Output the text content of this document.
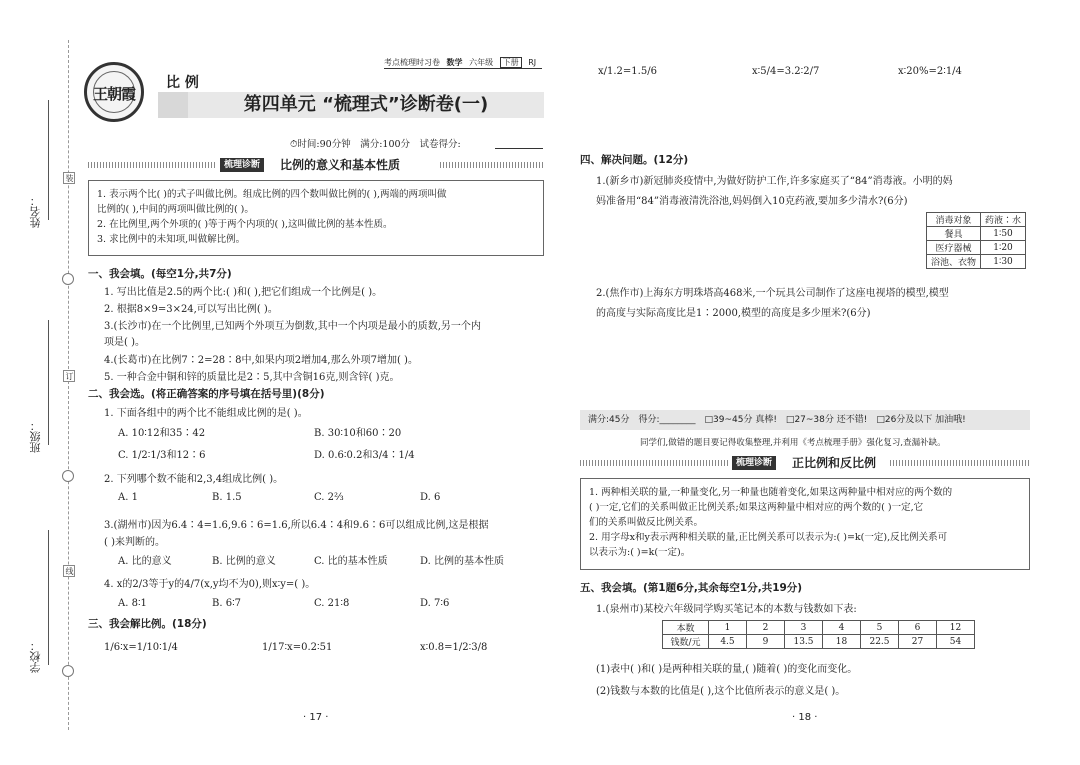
姓名：
班级：
学校：
装
订
线
王朝霞
考点梳理时习卷 数学 六年级 下册 RJ
比 例
第四单元 “梳理式”诊断卷(一)
⏱时间:90分钟　满分:100分　试卷得分:
梳理诊断	比例的意义和基本性质

1. 表示两个比( )的式子叫做比例。组成比例的四个数叫做比例的( ),两端的两项叫做

比例的( ),中间的两项叫做比例的( )。

2. 在比例里,两个外项的( )等于两个内项的( ),这叫做比例的基本性质。

3. 求比例中的未知项,叫做解比例。

一、我会填。(每空1分,共7分)
1. 写出比值是2.5的两个比:( )和( ),把它们组成一个比例是( )。
2. 根据8×9=3×24,可以写出比例( )。
3.(长沙市)在一个比例里,已知两个外项互为倒数,其中一个内项是最小的质数,另一个内
项是( )。
4.(长葛市)在比例7∶2=28∶8中,如果内项2增加4,那么外项7增加( )。
5. 一种合金中铜和锌的质量比是2∶5,其中含铜16克,则含锌( )克。
二、我会选。(将正确答案的序号填在括号里)(8分)
1. 下面各组中的两个比不能组成比例的是( )。
A. 10∶12和35∶42	B. 30∶10和60∶20
C. 1/2∶1/3和12∶6	D. 0.6∶0.2和3/4∶1/4
2. 下列哪个数不能和2,3,4组成比例( )。
A. 1	B. 1.5	C. 2⅔	D. 6
3.(湖州市)因为6.4∶4=1.6,9.6∶6=1.6,所以6.4∶4和9.6∶6可以组成比例,这是根据
( )来判断的。
A. 比的意义	B. 比例的意义	C. 比的基本性质	D. 比例的基本性质
4. x的2/3等于y的4/7(x,y均不为0),则x∶y=( )。
A. 8∶1	B. 6∶7	C. 21∶8	D. 7∶6
三、我会解比例。(18分)
1/6∶x=1/10∶1/4	1/17∶x=0.2∶51	x∶0.8=1/2∶3/8
· 17 ·
x/1.2=1.5/6	x∶5/4=3.2∶2/7	x∶20%=2∶1/4
四、解决问题。(12分)
1.(新乡市)新冠肺炎疫情中,为做好防护工作,许多家庭买了“84”消毒液。小明的妈
妈准备用“84”消毒液清洗浴池,妈妈倒入10克药液,要加多少清水?(6分)
消毒对象	药液∶水
餐具	1∶50
医疗器械	1∶20
浴池、衣物	1∶30
2.(焦作市)上海东方明珠塔高468米,一个玩具公司制作了这座电视塔的模型,模型
的高度与实际高度比是1∶2000,模型的高度是多少厘米?(6分)
满分:45分　得分:________　□39~45分 真棒!　□27~38分 还不错!　□26分及以下 加油哦!
同学们,做错的题目要记得收集整理,并利用《考点梳理手册》强化复习,查漏补缺。
梳理诊断	正比例和反比例

1. 两种相关联的量,一种量变化,另一种量也随着变化,如果这两种量中相对应的两个数的

( )一定,它们的关系叫做正比例关系;如果这两种量中相对应的两个数的( )一定,它

们的关系叫做反比例关系。

2. 用字母x和y表示两种相关联的量,正比例关系可以表示为:( )=k(一定),反比例关系可

以表示为:( )=k(一定)。

五、我会填。(第1题6分,其余每空1分,共19分)
1.(泉州市)某校六年级同学购买笔记本的本数与钱数如下表:
本数	1	2	3	4	5	6	12
钱数/元	4.5	9	13.5	18	22.5	27	54
(1)表中( )和( )是两种相关联的量,( )随着( )的变化而变化。
(2)钱数与本数的比值是( ),这个比值所表示的意义是( )。
· 18 ·
